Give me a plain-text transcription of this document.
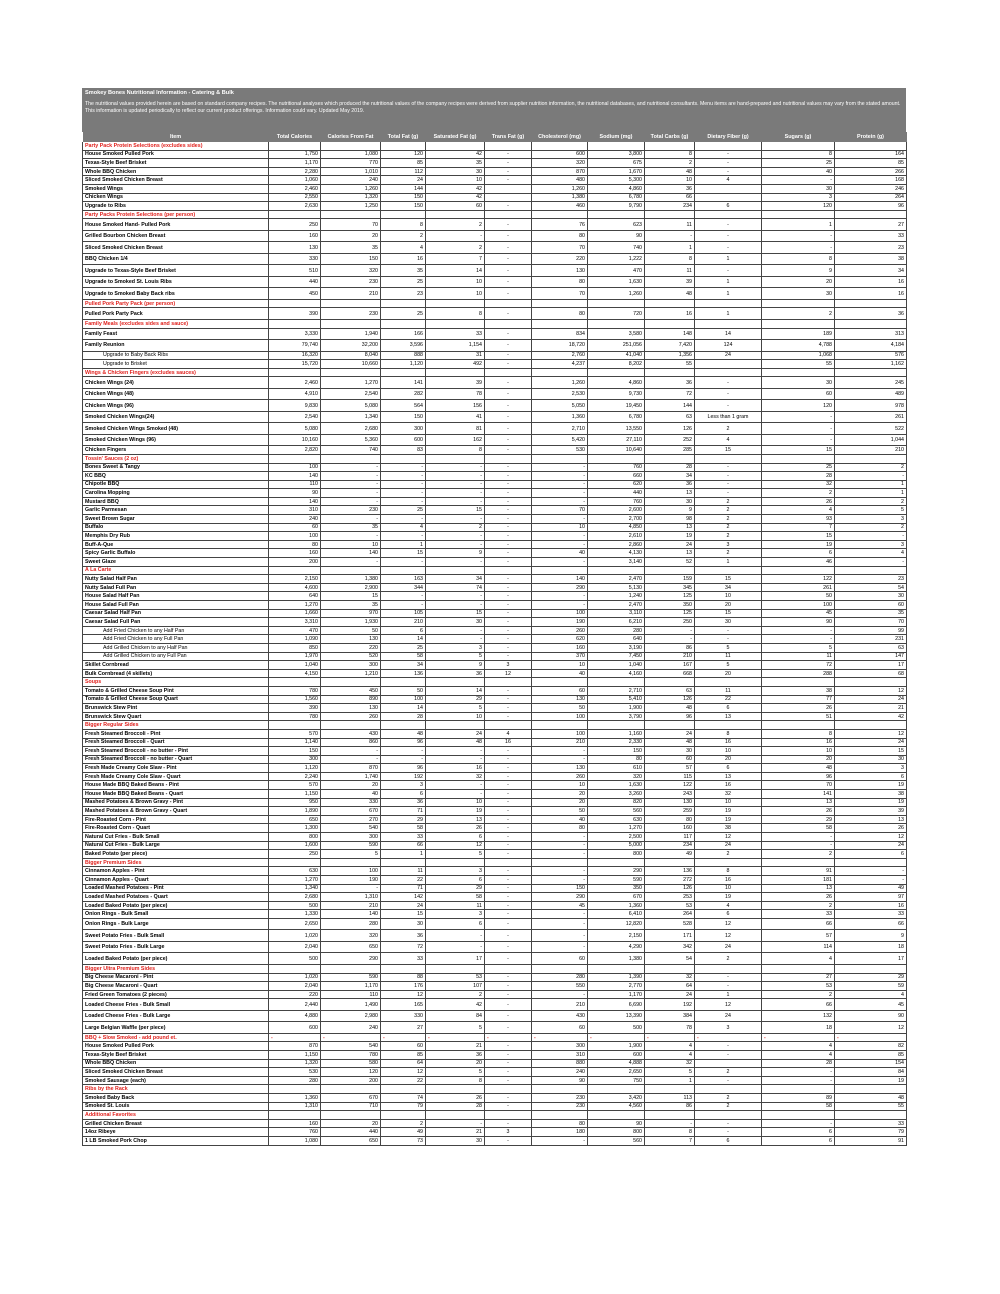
Smokey Bones Nutritional Information - Catering & Bulk
The nutritional values provided herein are based on standard company recipes. The nutritional analyses which produced the nutritional values of the company recipes were derived from supplier nutrition information, the nutritional databases, and nutritional consultants. Menu items are hand-prepared and nutritional values may vary from the stated amount. This information is updated periodically to reflect our current product offerings. Information could vary. Updated May 2019.
Item	Total Calories	Calories From Fat	Total Fat (g)	Saturated Fat (g)	Trans Fat (g)	Cholesterol (mg)	Sodium (mg)	Total Carbs (g)	Dietary Fiber (g)	Sugars (g)	Protein (g)
Party Pack Protein Selections (excludes sides)											
House Smoked Pulled Pork	1,750	1,080	120	42	-	600	3,800	8	-	8	164
Texas-Style Beef Brisket	1,170	770	85	35	-	320	675	2	-	25	85
Whole BBQ Chicken	2,280	1,010	112	30	-	870	1,670	48	-	40	266
Sliced Smoked Chicken Breast	1,060	240	24	10	-	480	5,300	10	4	-	168
Smoked Wings	2,460	1,260	144	42		1,260	4,860	36		30	246
Chicken Wings	2,550	1,320	150	42		1,380	6,780	66		3	264
Upgrade to Ribs	2,630	1,250	150	60	-	460	9,790	234	6	120	96
Party Packs Protein Selections (per person)											
House Smoked Hand- Pulled Pork	250	70	8	2	-	76	623	11	-	1	27
Grilled Bourbon Chicken Breast	160	20	2	-	-	80	90	-	-	-	33
Sliced Smoked Chicken Breast	130	35	4	2	-	70	740	1	-	-	23
BBQ Chicken 1/4	330	150	16	7	-	220	1,222	8	1	8	38
Upgrade to Texas-Style Beef Brisket	510	320	35	14	-	130	470	11	-	9	34
Upgrade to Smoked St. Louis Ribs	440	230	25	10	-	80	1,630	39	1	20	16
Upgrade to Smoked Baby Back ribs	450	210	23	10	-	70	1,260	48	1	30	16
Pulled Pork Party Pack (per person)											
Pulled Pork Party Pack	390	230	25	8	-	80	720	16	1	2	36
Family Meals (excludes sides and sauce)											
Family Feast	3,330	1,940	166	33	-	834	3,580	148	14	189	313
Family Reunion	79,740	32,200	3,596	1,154	-	18,720	251,056	7,420	124	4,788	4,184
Upgrade to Baby Back Ribs	16,320	8,040	888	31	-	2,760	41,040	1,356	24	1,068	576
Upgrade to Brisket	15,720	10,660	1,120	492	-	4,237	8,202	55		55	1,162
Wings & Chicken Fingers (excludes sauces)											
Chicken Wings (24)	2,460	1,270	141	39	-	1,260	4,860	36	-	30	245
Chicken Wings (48)	4,910	2,540	282	78	-	2,530	9,730	72	-	60	489
Chicken Wings (96)	9,830	5,080	564	156	-	5,050	19,450	144	-	120	978
Smoked Chicken Wings(24)	2,540	1,340	150	41	-	1,360	6,780	63	Less than 1 gram	-	261
Smoked Chicken Wings Smoked (48)	5,080	2,680	300	81	-	2,710	13,550	126	2	-	522
Smoked Chicken Wings (96)	10,160	5,360	600	162	-	5,420	27,110	252	4	-	1,044
Chicken Fingers	2,820	740	83	8	-	530	10,640	285	15	15	210
Tossin' Sauces (2 oz)											
Bones Sweet & Tangy	100	-	-	-	-	-	760	28	-	25	2
KC BBQ	140	-	-	-	-	-	660	34	-	28	-
Chipotle BBQ	110	-	-	-	-	-	620	36	-	32	1
Carolina Mopping	90	-	-	-	-	-	440	13	-	2	1
Mustard BBQ	140	-	-	-	-	-	760	30	2	26	2
Garlic Parmesan	310	230	25	15	-	70	2,600	9	2	4	5
Sweet Brown Sugar	240	-	-	-	-	-	2,700	98	2	93	3
Buffalo	60	35	4	2	-	10	4,850	13	2	7	2
Memphis Dry Rub	100	-	-	-	-	-	2,610	19	2	15	-
Buff-A-Que	80	10	1	-	-	-	2,860	24	3	19	3
Spicy Garlic Buffalo	160	140	15	9	-	40	4,130	13	2	6	4
Sweet Glaze	200	-	-	-	-	-	3,140	52	1	46	-
A La Carte											
Nutty Salad Half Pan	2,150	1,380	163	34	-	140	2,470	159	15	122	23
Nutty Salad Full Pan	4,600	2,900	344	74	-	290	5,130	345	34	261	54
House Salad Half Pan	640	15	-	-	-	-	1,240	125	10	50	30
House Salad Full Pan	1,270	35	-	-	-	-	2,470	350	20	100	60
Caesar Salad Half Pan	1,660	970	105	15	-	100	3,110	125	15	45	35
Caesar Salad Full Pan	3,310	1,930	210	30	-	190	6,210	250	30	90	70
Add Fried Chicken to any Half Pan	470	50	6	-	-	260	280	-	-	-	99
Add Fried Chicken to any Full Pan	1,090	130	14	-	-	620	640	-	-	-	231
Add Grilled Chicken to any Half Pan	850	220	25	3	-	160	3,190	86	5	5	63
Add Grilled Chicken to any Full Pan	1,970	520	58	5	-	370	7,450	210	11	11	147
Skillet Cornbread	1,040	300	34	9	3	10	1,040	167	5	72	17
Bulk Cornbread (4 skillets)	4,150	1,210	136	36	12	40	4,160	668	20	288	68
Soups											
Tomato & Grilled Cheese Soup Pint	780	450	50	14	-	60	2,710	63	11	38	12
Tomato & Grilled Cheese Soup Quart	1,560	890	100	29	-	130	5,410	126	22	77	24
Brunswick Stew Pint	390	130	14	5	-	50	1,900	48	6	26	21
Brunswick Stew Quart	780	260	28	10	-	100	3,790	96	13	51	42
Bigger Regular Sides											
Fresh Steamed Broccoli - Pint	570	430	48	24	4	100	1,160	24	8	8	12
Fresh Steamed Broccoli - Quart	1,140	860	96	48	16	210	2,330	48	16	16	24
Fresh Steamed Broccoli - no butter - Pint	150	-	-	-	-	-	150	30	10	10	15
Fresh Steamed Broccoli - no butter - Quart	300	-	-	-	-	-	80	60	20	20	30
Fresh Made Creamy Cole Slaw - Pint	1,120	870	96	16	-	130	610	57	6	48	3
Fresh Made Creamy Cole Slaw - Quart	2,240	1,740	192	32	-	260	320	115	13	96	6
House Made BBQ Baked Beans - Pint	570	20	3	-	-	10	1,630	122	16	70	19
House Made BBQ Baked Beans - Quart	1,150	40	6	-	-	20	3,260	243	32	141	38
Mashed Potatoes & Brown Gravy - Pint	950	330	36	10	-	20	820	130	10	13	19
Mashed Potatoes & Brown Gravy - Quart	1,890	670	71	19	-	50	560	259	19	26	39
Fire-Roasted Corn - Pint	650	270	29	13	-	40	630	80	19	29	13
Fire-Roasted Corn - Quart	1,300	540	58	26	-	80	1,270	160	38	58	26
Natural Cut Fries - Bulk Small	800	300	33	6	-	-	2,500	117	12	-	12
Natural Cut Fries - Bulk Large	1,600	590	66	12	-	-	5,000	234	24	-	24
Baked Potato (per piece)	250	5	1	5	-	-	800	49	2	2	6
Bigger Premium Sides											
Cinnamon Apples - Pint	630	100	11	3	-	-	290	136	8	91	-
Cinnamon Apples - Quart	1,270	190	22	6	-	-	590	272	16	181	-
Loaded Mashed Potatoes - Pint	1,340	-	71	29	-	150	350	126	10	13	49
Loaded Mashed Potatoes - Quart	2,680	1,310	142	58	-	290	670	253	19	26	97
Loaded Baked Potato (per piece)	500	210	24	11	-	45	1,360	53	4	2	16
Onion Rings - Bulk Small	1,330	140	15	3	-	-	6,410	264	6	33	33
Onion Rings - Bulk Large	2,650	280	30	6	-	-	12,820	528	12	66	66
Sweet Potato Fries - Bulk Small	1,020	320	36	-	-	-	2,150	171	12	57	9
Sweet Potato Fries - Bulk Large	2,040	650	72	-	-	-	4,290	342	24	114	18
Loaded Baked Potato (per piece)	500	290	33	17	-	60	1,380	54	2	4	17
Bigger Ultra Premium Sides											
Big Cheese Macaroni - Pint	1,020	590	88	53	-	280	1,390	32	-	27	29
Big Cheese Macaroni - Quart	2,040	1,170	176	107	-	550	2,770	64	-	53	59
Fried Green Tomatoes (2 pieces)	220	110	12	2	-	-	1,170	24	1	2	4
Loaded Cheese Fries - Bulk Small	2,440	1,490	165	42	-	210	6,690	192	12	66	45
Loaded Cheese Fries - Bulk Large	4,880	2,980	330	84	-	430	13,390	384	24	132	90
Large Belgian Waffle (per piece)	600	240	27	5	-	60	500	78	3	18	12
BBQ + Slow Smoked - add pound et.	-	-	-	-	-	-	-	-	-	-	-
House Smoked Pulled Pork	870	540	60	21	-	300	1,900	4	-	4	82
Texas-Style Beef Brisket	1,150	780	85	36	-	310	600	4	-	4	85
Whole BBQ Chicken	1,320	580	64	20	-	880	4,888	32		28	154
Sliced Smoked Chicken Breast	530	120	12	5	-	240	2,650	5	2	-	84
Smoked Sausage (each)	280	200	22	8	-	90	750	1	-	-	19
Ribs by the Rack											
Smoked Baby Back	1,360	670	74	26	-	230	3,420	113	2	89	48
Smoked St. Louis	1,310	710	79	28	-	230	4,560	86	2	58	55
Additional Favorites											
Grilled Chicken Breast	160	20	2	-	-	80	90	-	-	-	33
14oz Ribeye	760	440	49	21	3	180	800	8	-	6	79
1 LB Smoked Pork Chop	1,080	650	73	30	-	-	560	7	6	6	91
